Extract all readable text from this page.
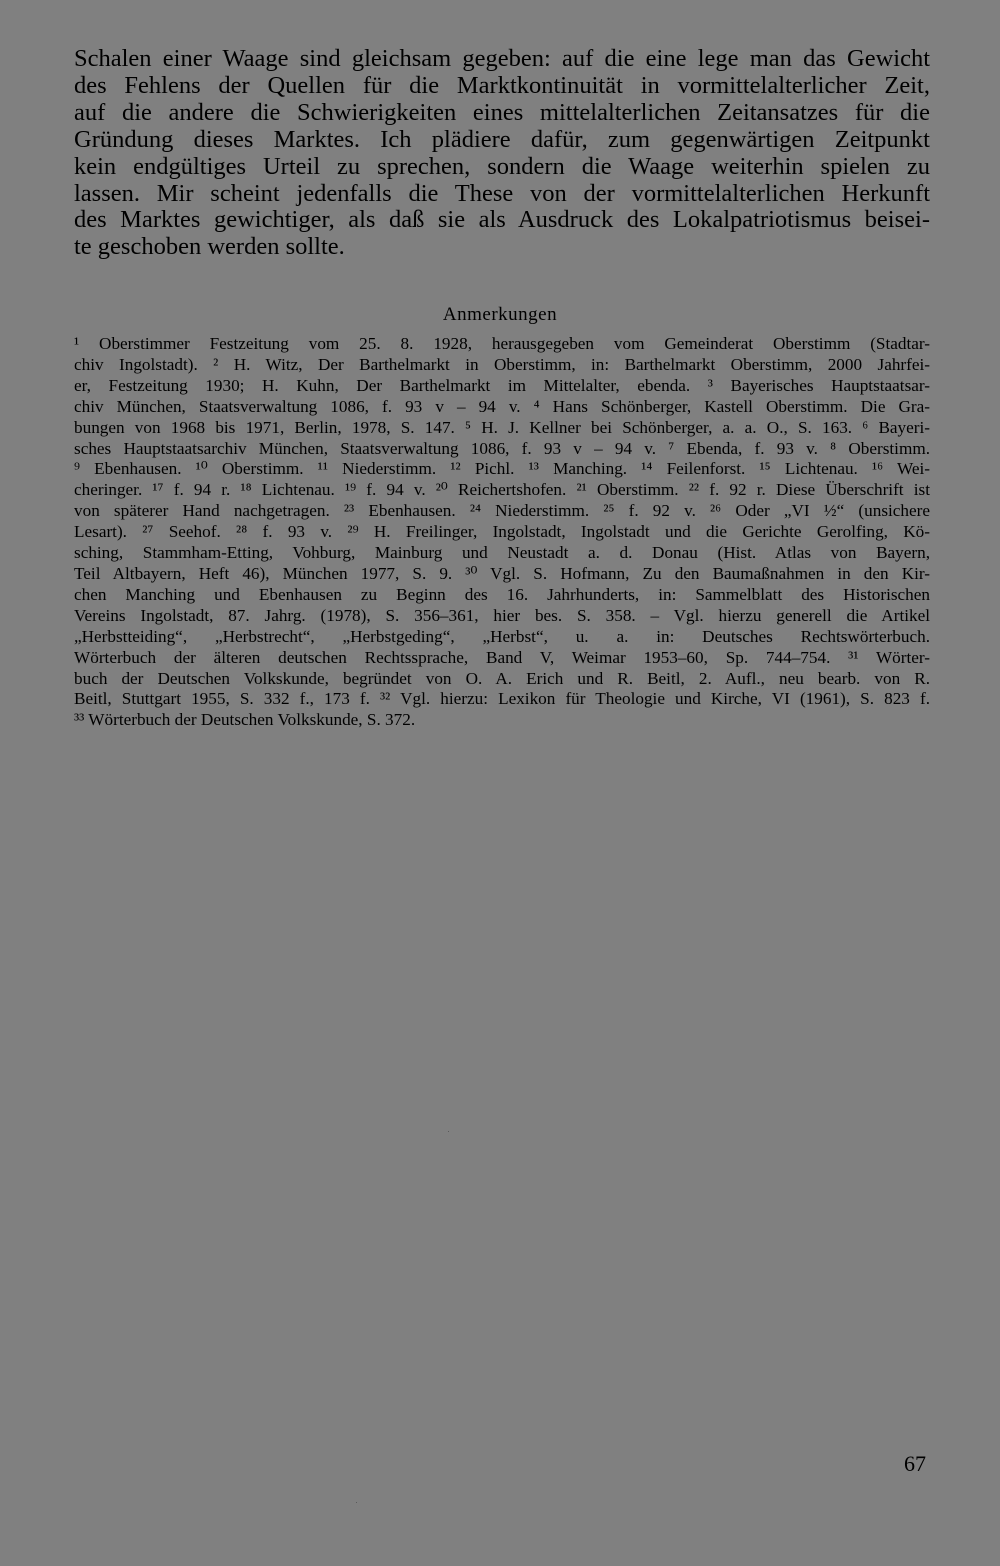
Schalen einer Waage sind gleichsam gegeben: auf die eine lege man das Gewicht
des Fehlens der Quellen für die Marktkontinuität in vormittelalterlicher Zeit,
auf die andere die Schwierigkeiten eines mittelalterlichen Zeitansatzes für die
Gründung dieses Marktes. Ich plädiere dafür, zum gegenwärtigen Zeitpunkt
kein endgültiges Urteil zu sprechen, sondern die Waage weiterhin spielen zu
lassen. Mir scheint jedenfalls die These von der vormittelalterlichen Herkunft
des Marktes gewichtiger, als daß sie als Ausdruck des Lokalpatriotismus beisei-
te geschoben werden sollte.
Anmerkungen
¹ Oberstimmer Festzeitung vom 25. 8. 1928, herausgegeben vom Gemeinderat Oberstimm (Stadtar-
chiv Ingolstadt). ² H. Witz, Der Barthelmarkt in Oberstimm, in: Barthelmarkt Oberstimm, 2000 Jahrfei-
er, Festzeitung 1930; H. Kuhn, Der Barthelmarkt im Mittelalter, ebenda. ³ Bayerisches Hauptstaatsar-
chiv München, Staatsverwaltung 1086, f. 93 v – 94 v. ⁴ Hans Schönberger, Kastell Oberstimm. Die Gra-
bungen von 1968 bis 1971, Berlin, 1978, S. 147. ⁵ H. J. Kellner bei Schönberger, a. a. O., S. 163. ⁶ Bayeri-
sches Hauptstaatsarchiv München, Staatsverwaltung 1086, f. 93 v – 94 v. ⁷ Ebenda, f. 93 v. ⁸ Oberstimm.
⁹ Ebenhausen. ¹⁰ Oberstimm. ¹¹ Niederstimm. ¹² Pichl. ¹³ Manching. ¹⁴ Feilenforst. ¹⁵ Lichtenau. ¹⁶ Wei-
cheringer. ¹⁷ f. 94 r. ¹⁸ Lichtenau. ¹⁹ f. 94 v. ²⁰ Reichertshofen. ²¹ Oberstimm. ²² f. 92 r. Diese Überschrift ist
von späterer Hand nachgetragen. ²³ Ebenhausen. ²⁴ Niederstimm. ²⁵ f. 92 v. ²⁶ Oder „VI ½“ (unsichere
Lesart). ²⁷ Seehof. ²⁸ f. 93 v. ²⁹ H. Freilinger, Ingolstadt, Ingolstadt und die Gerichte Gerolfing, Kö-
sching, Stammham-Etting, Vohburg, Mainburg und Neustadt a. d. Donau (Hist. Atlas von Bayern,
Teil Altbayern, Heft 46), München 1977, S. 9. ³⁰ Vgl. S. Hofmann, Zu den Baumaßnahmen in den Kir-
chen Manching und Ebenhausen zu Beginn des 16. Jahrhunderts, in: Sammelblatt des Historischen
Vereins Ingolstadt, 87. Jahrg. (1978), S. 356–361, hier bes. S. 358. – Vgl. hierzu generell die Artikel
„Herbstteiding“, „Herbstrecht“, „Herbstgeding“, „Herbst“, u. a. in: Deutsches Rechtswörterbuch.
Wörterbuch der älteren deutschen Rechtssprache, Band V, Weimar 1953–60, Sp. 744–754. ³¹ Wörter-
buch der Deutschen Volkskunde, begründet von O. A. Erich und R. Beitl, 2. Aufl., neu bearb. von R.
Beitl, Stuttgart 1955, S. 332 f., 173 f. ³² Vgl. hierzu: Lexikon für Theologie und Kirche, VI (1961), S. 823 f.
³³ Wörterbuch der Deutschen Volkskunde, S. 372.
67
